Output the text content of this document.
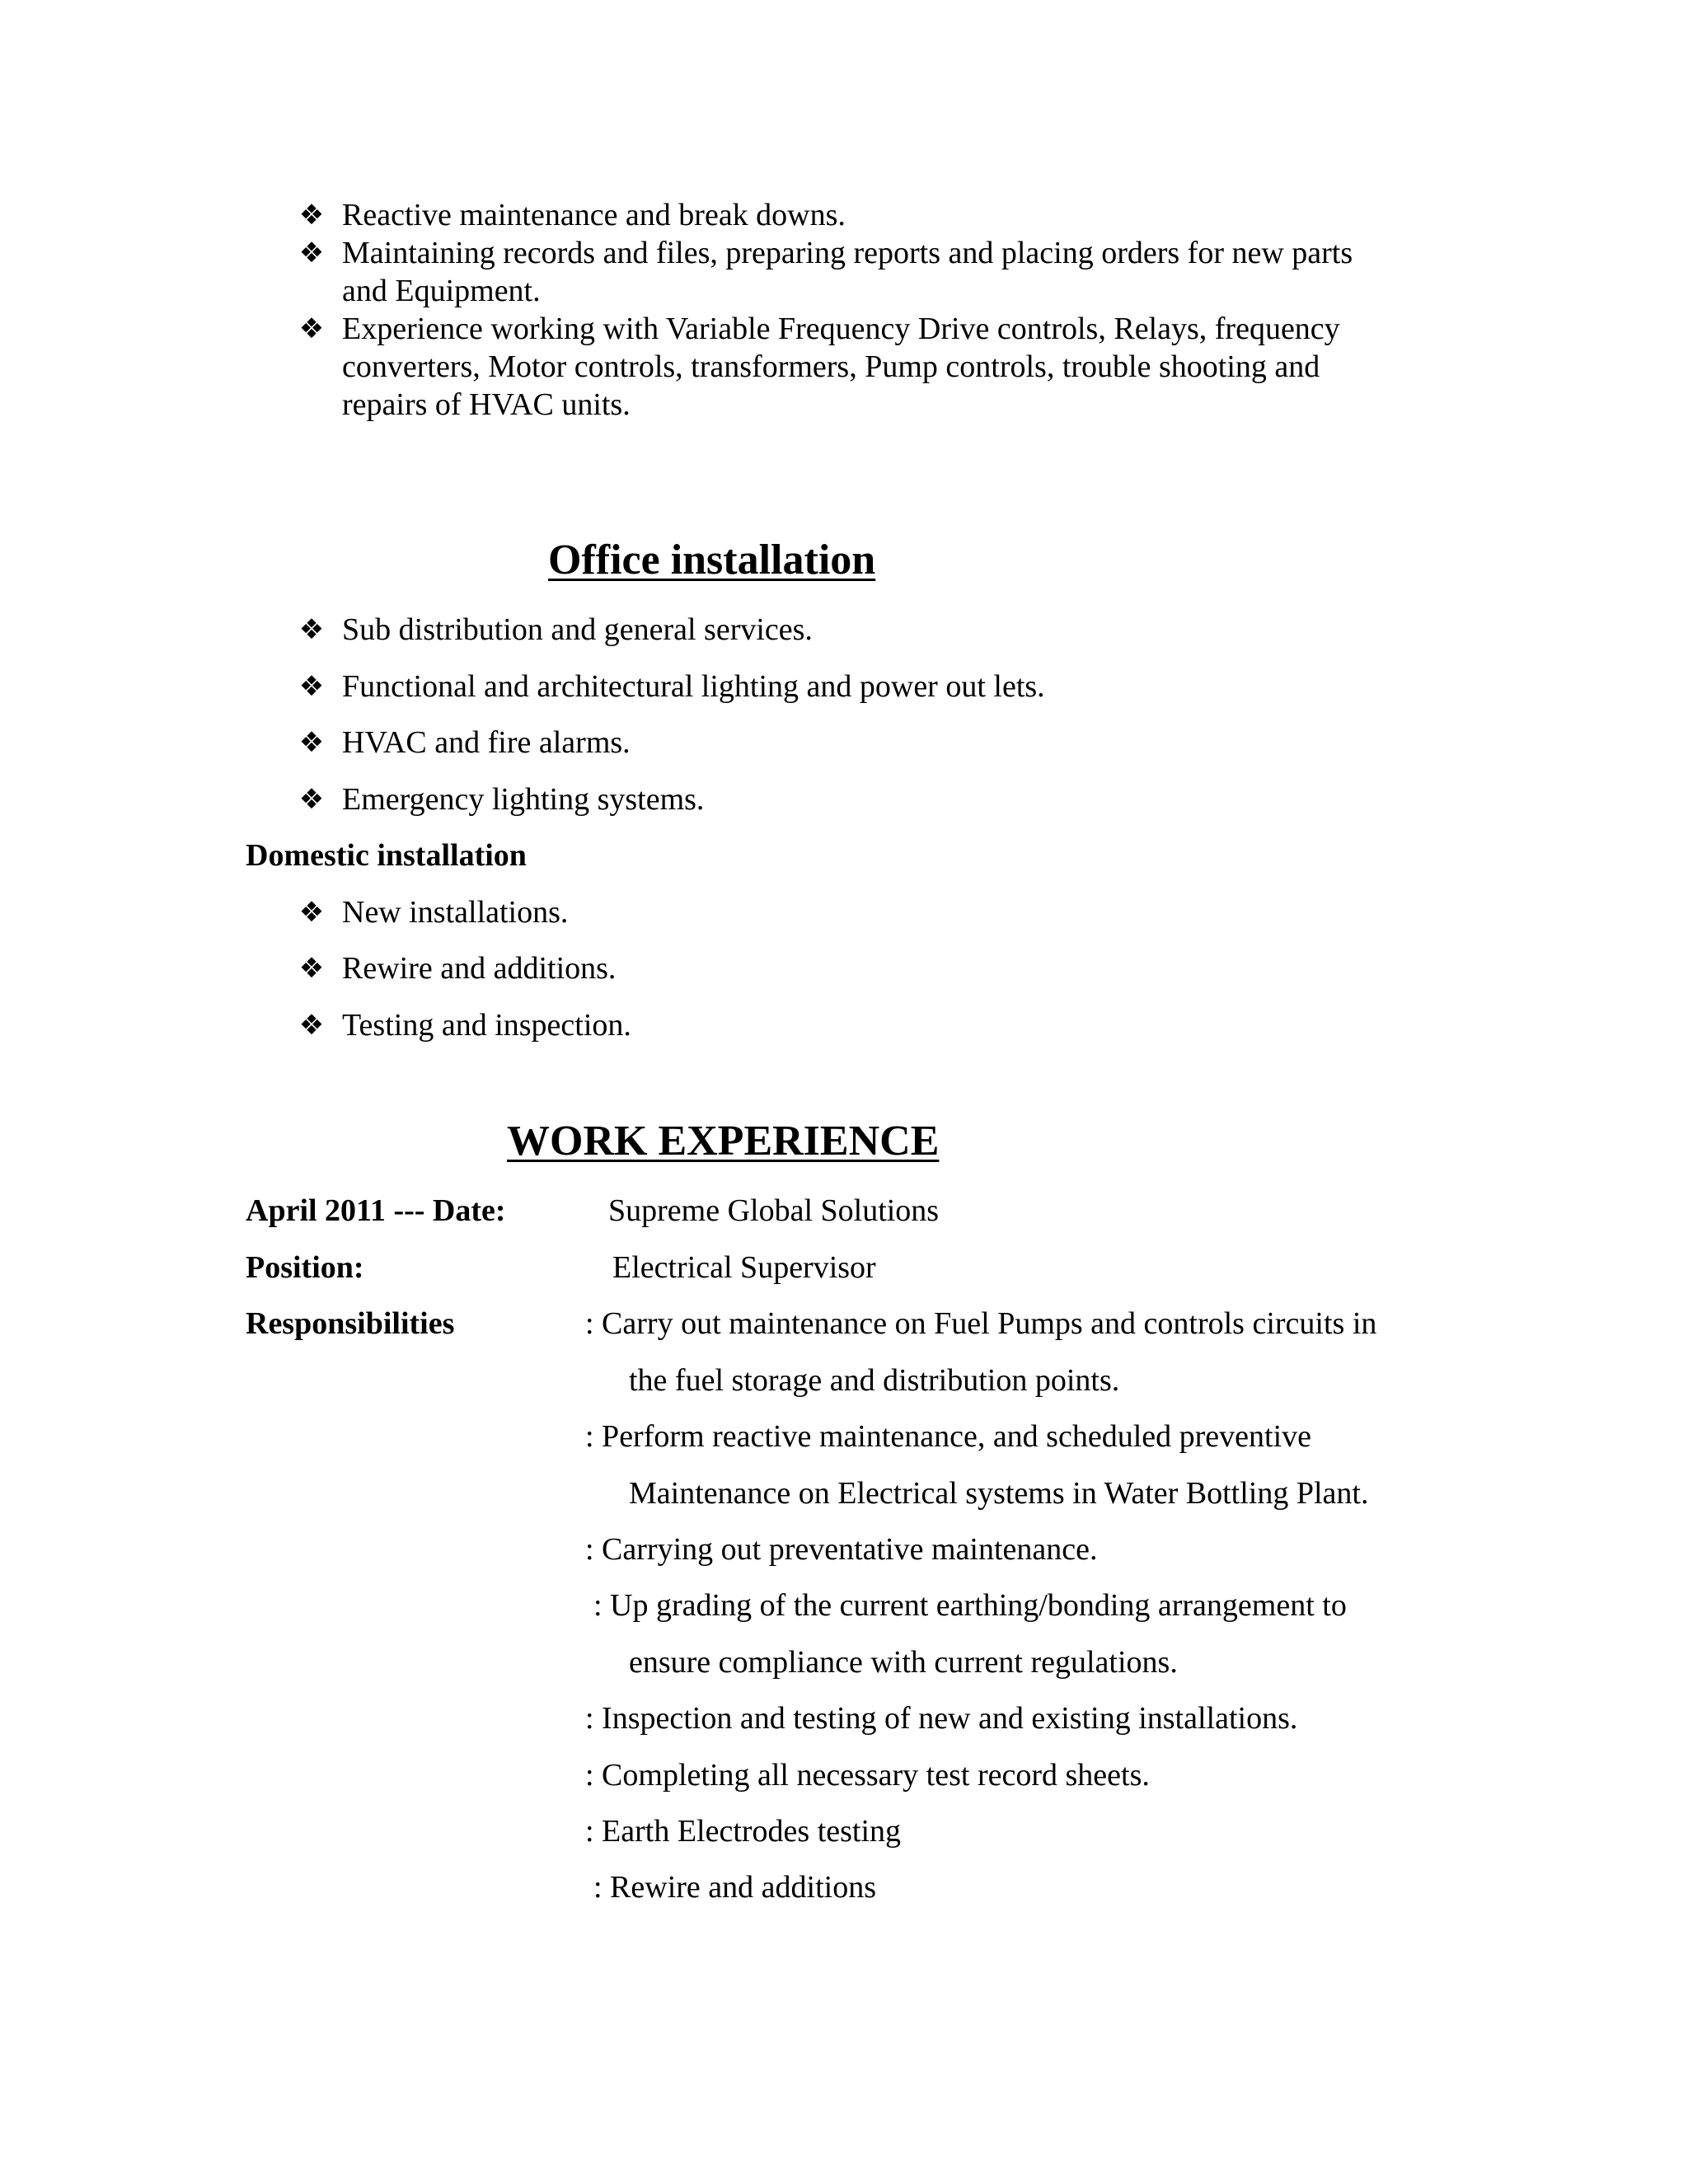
❖ Reactive maintenance and break downs.
❖ Maintaining records and files, preparing reports and placing orders for new parts
and Equipment.
❖ Experience working with Variable Frequency Drive controls, Relays, frequency
converters, Motor controls, transformers, Pump controls, trouble shooting and
repairs of HVAC units.
Office installation
❖ Sub distribution and general services.
❖ Functional and architectural lighting and power out lets.
❖ HVAC and fire alarms.
❖ Emergency lighting systems.
Domestic installation
❖ New installations.
❖ Rewire and additions.
❖ Testing and inspection.
WORK EXPERIENCE
April 2011 --- Date:	Supreme Global Solutions
Position:	Electrical Supervisor
Responsibilities	: Carry out maintenance on Fuel Pumps and controls circuits in
the fuel storage and distribution points.
: Perform reactive maintenance, and scheduled preventive
Maintenance on Electrical systems in Water Bottling Plant.
: Carrying out preventative maintenance.
: Up grading of the current earthing/bonding arrangement to
ensure compliance with current regulations.
: Inspection and testing of new and existing installations.
: Completing all necessary test record sheets.
: Earth Electrodes testing
: Rewire and additions
